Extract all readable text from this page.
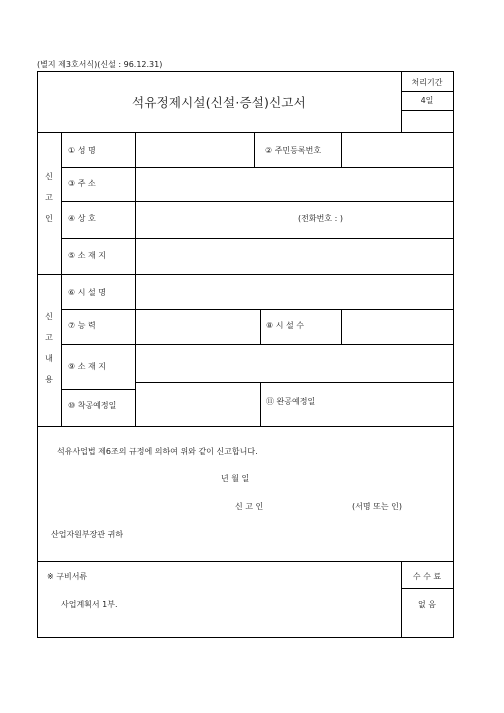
(별지 제3호서식)(신설 : 96.12.31)
석유정제시설(신설·증설)신고서
처리기간
4일
신
고
인
① 성 명	② 주민등록번호
③ 주 소
④ 상 호	(전화번호 : )
⑤ 소 재 지
신
고
내
용
⑥ 시 설 명
⑦ 능 력	⑧ 시 설 수
⑨ 소 재 지
⑩ 착공예정일	⑪ 완공예정일
석유사업법 제6조의 규정에 의하여 위와 같이 신고합니다.
년 월 일
신 고 인	(서명 또는 인)
산업자원부장관 귀하
※ 구비서류
사업계획서 1부.
수 수 료
없 음
